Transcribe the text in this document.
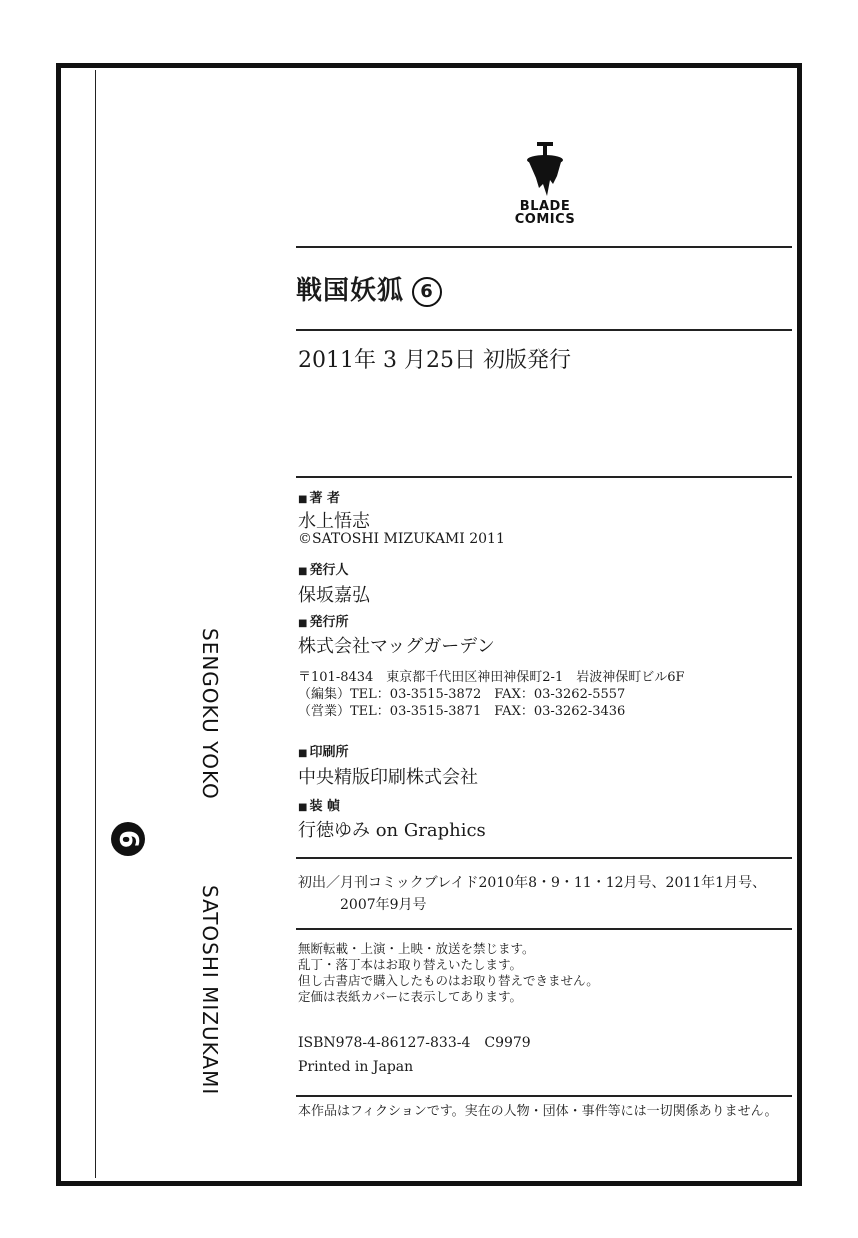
SENGOKU YOKO
6
SATOSHI MIZUKAMI
BLADE
COMICS
戦国妖狐 6
2011年 3 月25日 初版発行
■ 著 者
水上悟志
©SATOSHI MIZUKAMI 2011
■ 発行人
保坂嘉弘
■ 発行所
株式会社マッグガーデン
〒101-8434　東京都千代田区神田神保町2-1　岩波神保町ビル6F
（編集）TEL：03-3515-3872　FAX：03-3262-5557
（営業）TEL：03-3515-3871　FAX：03-3262-3436
■ 印刷所
中央精版印刷株式会社
■ 装 幀
行徳ゆみ on Graphics
初出／月刊コミックブレイド2010年8・9・11・12月号、2011年1月号、
2007年9月号
無断転載・上演・上映・放送を禁じます。
乱丁・落丁本はお取り替えいたします。
但し古書店で購入したものはお取り替えできません。
定価は表紙カバーに表示してあります。
ISBN978-4-86127-833-4　C9979
Printed in Japan
本作品はフィクションです。実在の人物・団体・事件等には一切関係ありません。
